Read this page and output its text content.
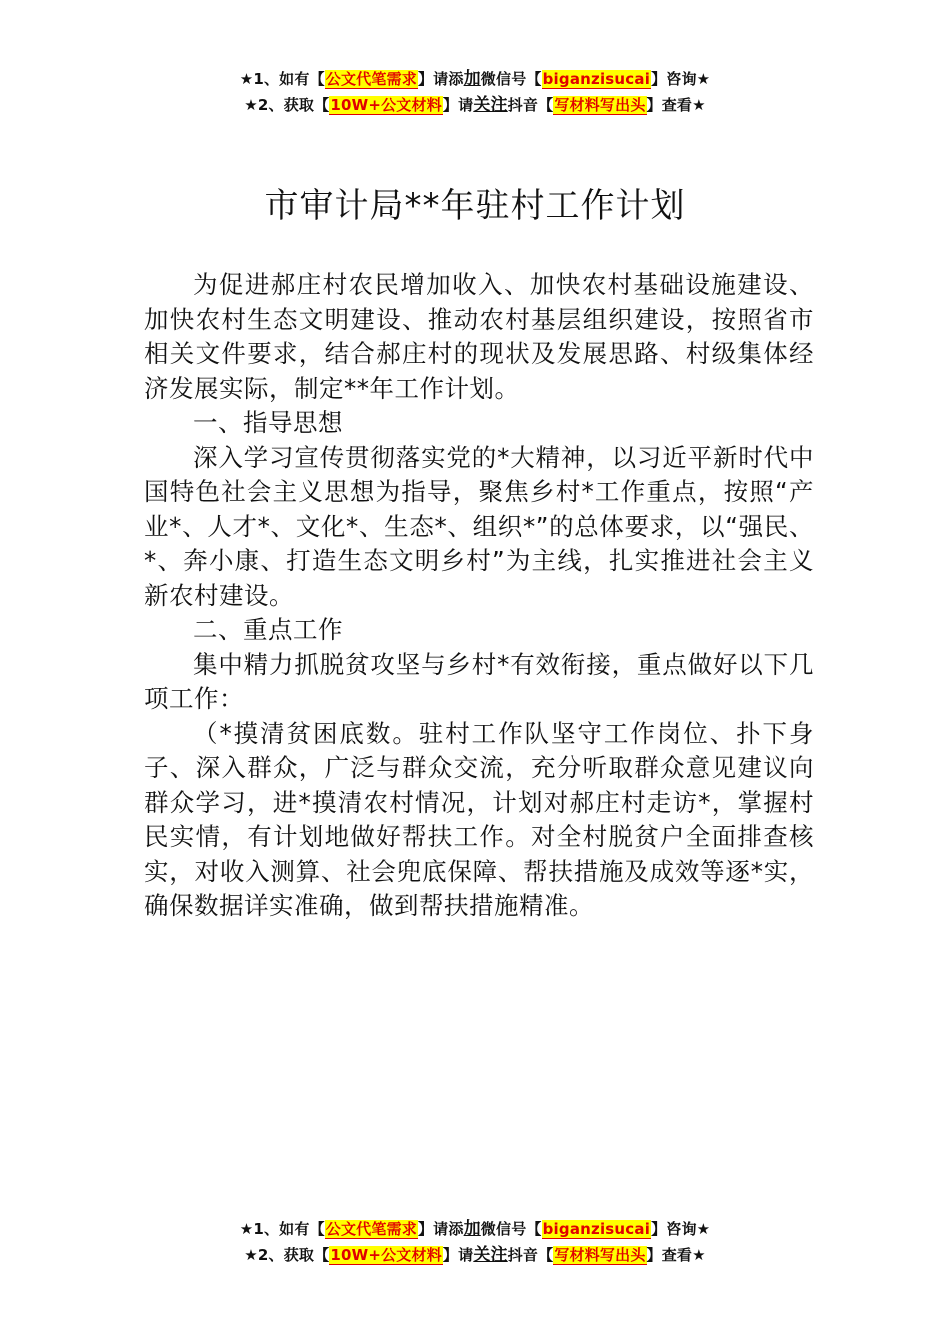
★1、如有【公文代笔需求】请添加微信号【biganzisucai】咨询★
★2、获取【10W+公文材料】请关注抖音【写材料写出头】查看★
市审计局**年驻村工作计划

为促进郝庄村农民增加收入、加快农村基础设施建设、加快农村生态文明建设、推动农村基层组织建设，按照省市相关文件要求，结合郝庄村的现状及发展思路、村级集体经济发展实际，制定**年工作计划。

一、指导思想

深入学习宣传贯彻落实党的*大精神，以习近平新时代中国特色社会主义思想为指导，聚焦乡村*工作重点，按照“产业*、人才*、文化*、生态*、组织*”的总体要求，以“强民、*、奔小康、打造生态文明乡村”为主线，扎实推进社会主义新农村建设。

二、重点工作

集中精力抓脱贫攻坚与乡村*有效衔接，重点做好以下几项工作：

（*摸清贫困底数。驻村工作队坚守工作岗位、扑下身子、深入群众，广泛与群众交流，充分听取群众意见建议向群众学习，进*摸清农村情况，计划对郝庄村走访*，掌握村民实情，有计划地做好帮扶工作。对全村脱贫户全面排查核实，对收入测算、社会兜底保障、帮扶措施及成效等逐*实，确保数据详实准确，做到帮扶措施精准。

★1、如有【公文代笔需求】请添加微信号【biganzisucai】咨询★
★2、获取【10W+公文材料】请关注抖音【写材料写出头】查看★
